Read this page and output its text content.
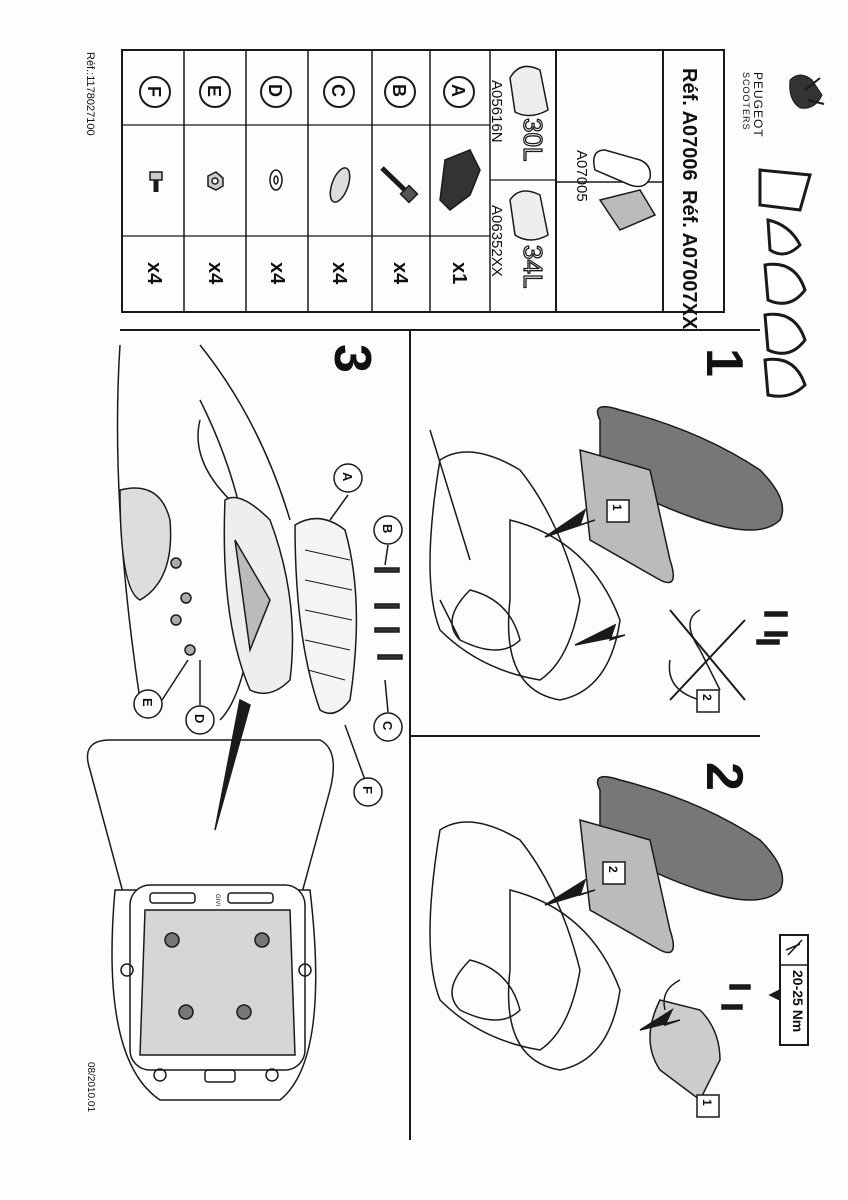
PEUGEOT
SCOOTERS
Réf.:1178027100
08/2010.01
Réf. A07006
Réf. A07007XX
A07005
30L
A05616N
34L
A06352XX
A
B
C
D
E
F
x1
x4
x4
x4
x4
x4
1
2
3
20-25 Nm
1
2
2
1
A
B
C
D
E
F
GIVI
